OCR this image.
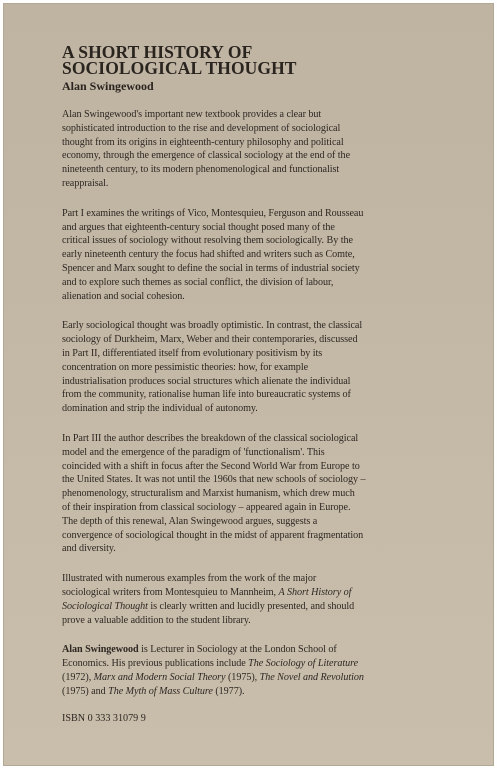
A SHORT HISTORY OF
SOCIOLOGICAL THOUGHT

Alan Swingewood

Alan Swingewood's important new textbook provides a clear but
sophisticated introduction to the rise and development of sociological
thought from its origins in eighteenth-century philosophy and political
economy, through the emergence of classical sociology at the end of the
nineteenth century, to its modern phenomenological and functionalist
reappraisal.

Part I examines the writings of Vico, Montesquieu, Ferguson and Rousseau
and argues that eighteenth-century social thought posed many of the
critical issues of sociology without resolving them sociologically. By the
early nineteenth century the focus had shifted and writers such as Comte,
Spencer and Marx sought to define the social in terms of industrial society
and to explore such themes as social conflict, the division of labour,
alienation and social cohesion.

Early sociological thought was broadly optimistic. In contrast, the classical
sociology of Durkheim, Marx, Weber and their contemporaries, discussed
in Part II, differentiated itself from evolutionary positivism by its
concentration on more pessimistic theories: how, for example
industrialisation produces social structures which alienate the individual
from the community, rationalise human life into bureaucratic systems of
domination and strip the individual of autonomy.

In Part III the author describes the breakdown of the classical sociological
model and the emergence of the paradigm of 'functionalism'. This
coincided with a shift in focus after the Second World War from Europe to
the United States. It was not until the 1960s that new schools of sociology –
phenomenology, structuralism and Marxist humanism, which drew much
of their inspiration from classical sociology – appeared again in Europe.
The depth of this renewal, Alan Swingewood argues, suggests a
convergence of sociological thought in the midst of apparent fragmentation
and diversity.

Illustrated with numerous examples from the work of the major
sociological writers from Montesquieu to Mannheim, A Short History of
Sociological Thought is clearly written and lucidly presented, and should
prove a valuable addition to the student library.

Alan Swingewood is Lecturer in Sociology at the London School of
Economics. His previous publications include The Sociology of Literature
(1972), Marx and Modern Social Theory (1975), The Novel and Revolution
(1975) and The Myth of Mass Culture (1977).

ISBN 0 333 31079 9
